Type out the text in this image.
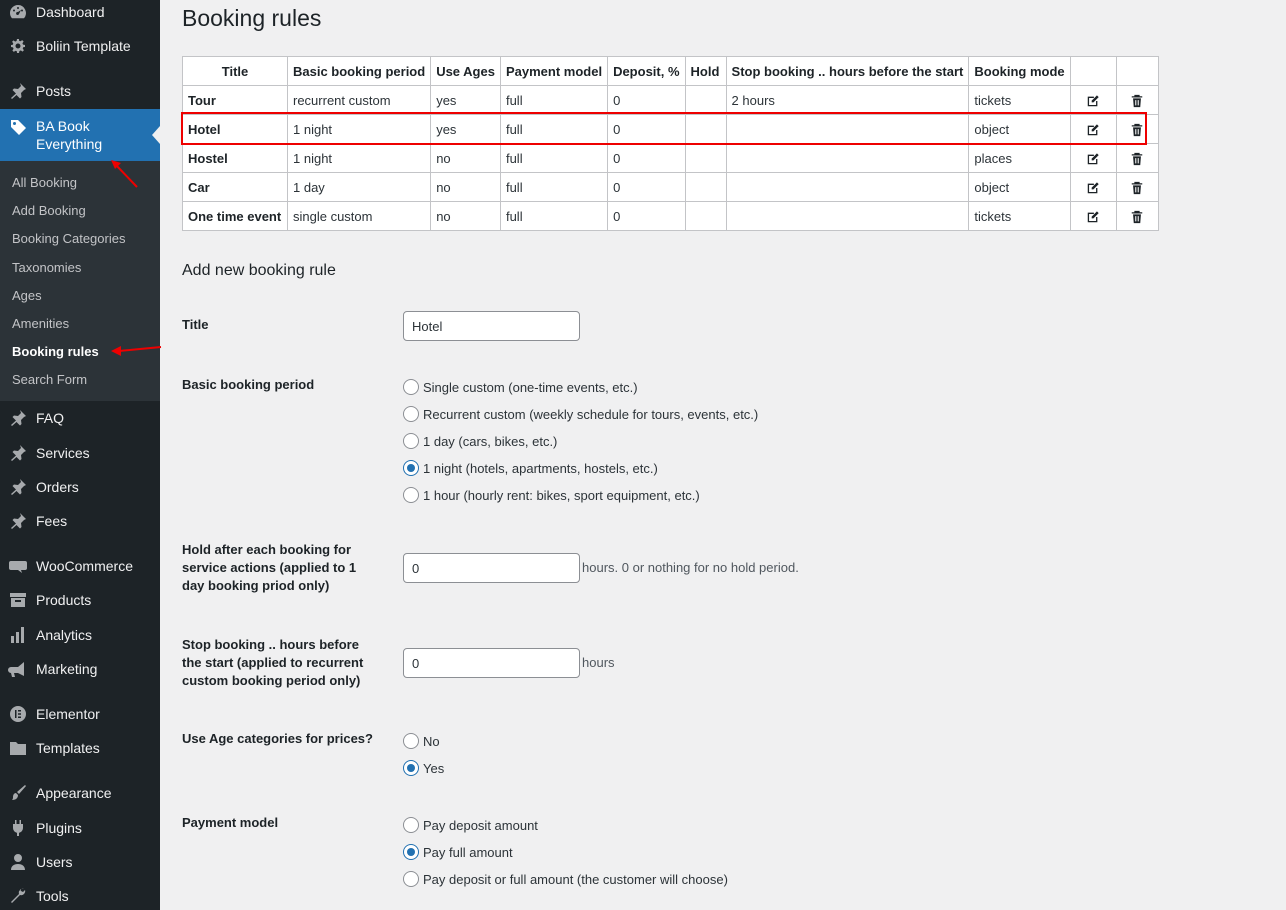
Dashboard
Boliin Template
Posts
BA Book Everything
All Booking
Add Booking
Booking Categories
Taxonomies
Ages
Amenities
Booking rules
Search Form
FAQ
Services
Orders
Fees
WooCommerce
Products
Analytics
Marketing
Elementor
Templates
Appearance
Plugins
Users
Tools
Booking rules
Title	Basic booking period	Use Ages	Payment model	Deposit, %	Hold	Stop booking .. hours before the start	Booking mode		
Tour	recurrent custom	yes	full	0		2 hours	tickets		
Hotel	1 night	yes	full	0			object		
Hostel	1 night	no	full	0			places		
Car	1 day	no	full	0			object		
One time event	single custom	no	full	0			tickets		
Add new booking rule
Title
Hotel
Basic booking period	Single custom (one-time events, etc.)
Recurrent custom (weekly schedule for tours, events, etc.)
1 day (cars, bikes, etc.)
1 night (hotels, apartments, hostels, etc.)
1 hour (hourly rent: bikes, sport equipment, etc.)
Hold after each booking for service actions (applied to 1 day booking priod only)
0
hours. 0 or nothing for no hold period.
Stop booking .. hours before the start (applied to recurrent custom booking period only)
0
hours
Use Age categories for prices?	No
Yes
Payment model	Pay deposit amount
Pay full amount
Pay deposit or full amount (the customer will choose)
